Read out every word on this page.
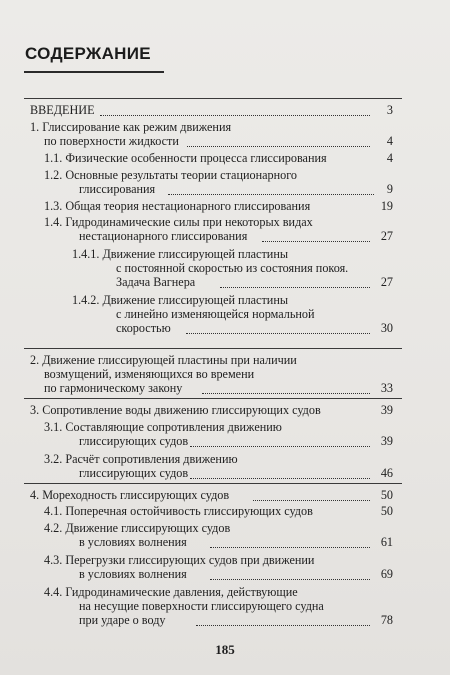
СОДЕРЖАНИЕ
ВВЕДЕНИЕ	3
1. Глиссирование как режим движения
по поверхности жидкости	4
1.1. Физические особенности процесса глиссирования	4
1.2. Основные результаты теории стационарного
глиссирования	9
1.3. Общая теория нестационарного глиссирования	19
1.4. Гидродинамические силы при некоторых видах
нестационарного глиссирования	27
1.4.1. Движение глиссирующей пластины
с постоянной скоростью из состояния покоя.
Задача Вагнера	27
1.4.2. Движение глиссирующей пластины
с линейно изменяющейся нормальной
скоростью	30
2. Движение глиссирующей пластины при наличии
возмущений, изменяющихся во времени
по гармоническому закону	33
3. Сопротивление воды движению глиссирующих судов	39
3.1. Составляющие сопротивления движению
глиссирующих судов	39
3.2. Расчёт сопротивления движению
глиссирующих судов	46
4. Мореходность глиссирующих судов	50
4.1. Поперечная остойчивость глиссирующих судов	50
4.2. Движение глиссирующих судов
в условиях волнения	61
4.3. Перегрузки глиссирующих судов при движении
в условиях волнения	69
4.4. Гидродинамические давления, действующие
на несущие поверхности глиссирующего судна
при ударе о воду	78
185
